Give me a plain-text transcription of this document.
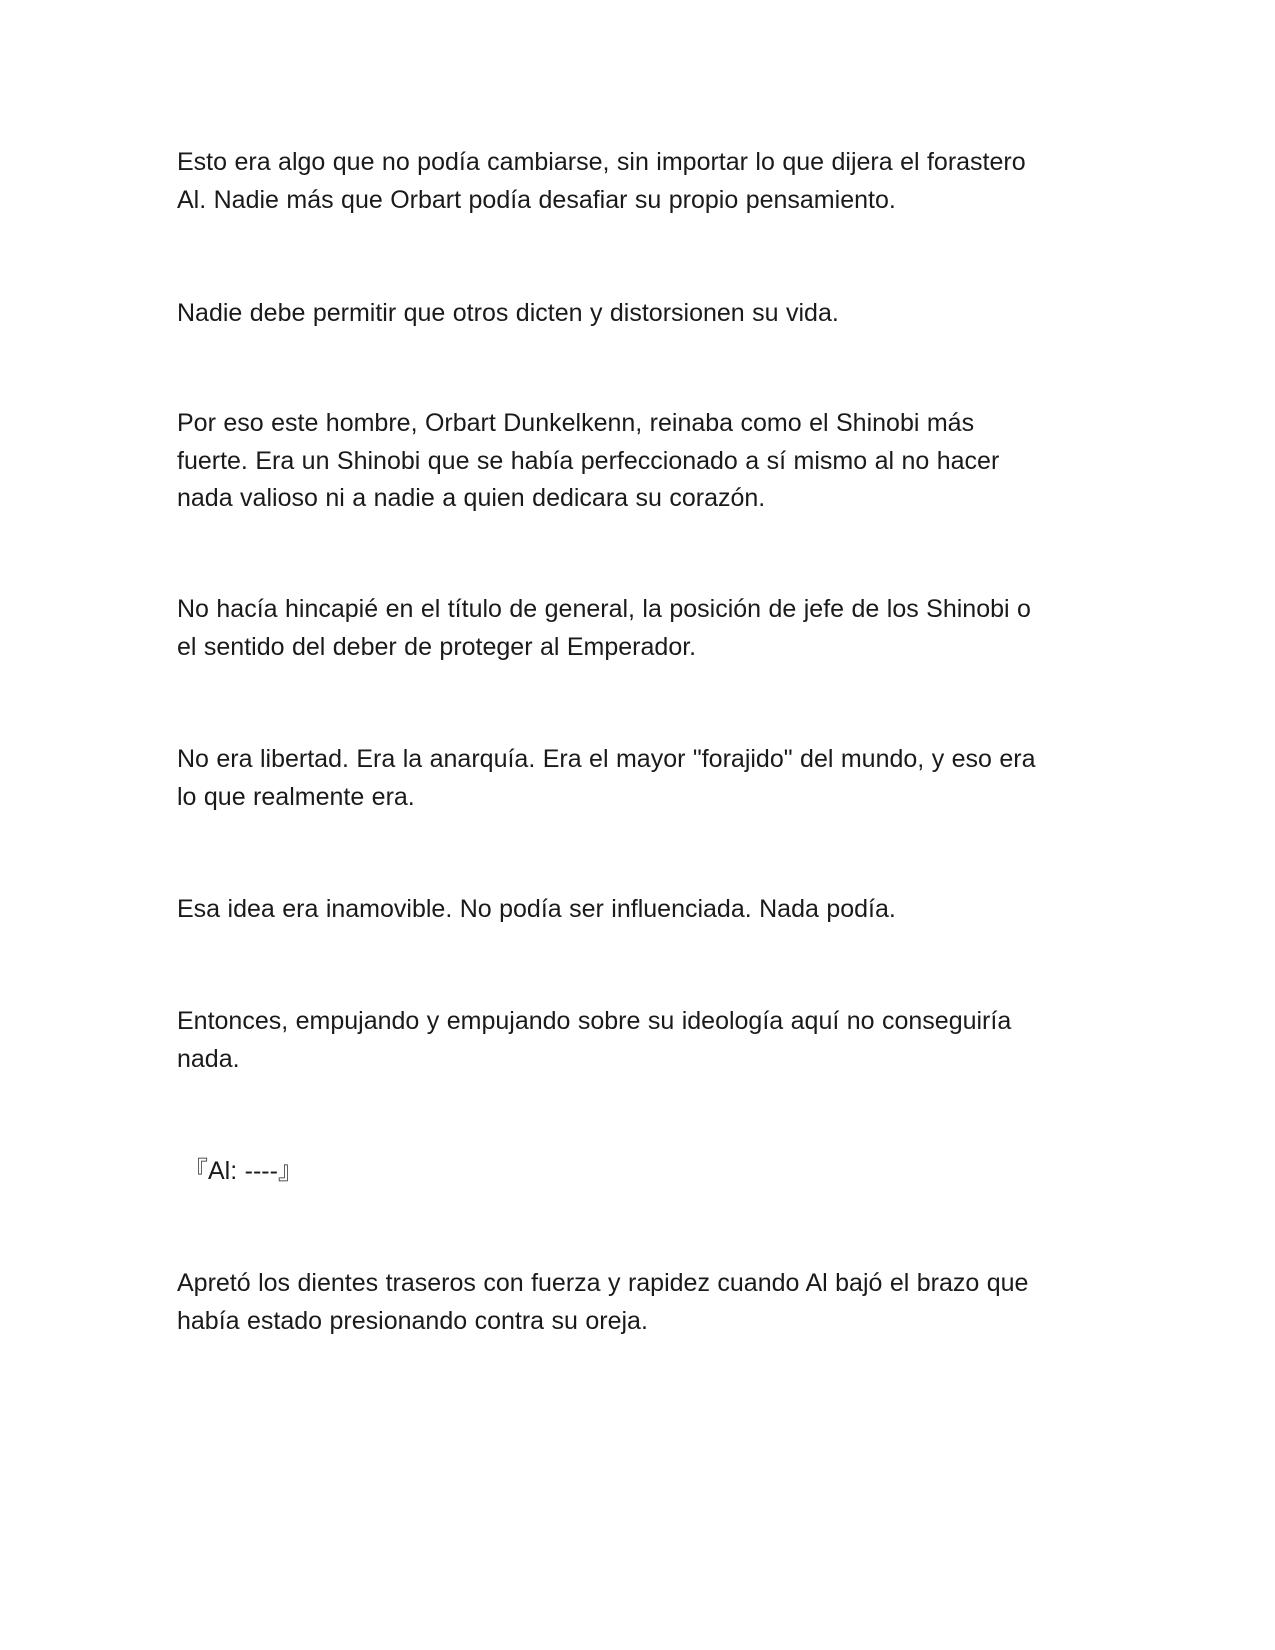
Esto era algo que no podía cambiarse, sin importar lo que dijera el forastero
Al. Nadie más que Orbart podía desafiar su propio pensamiento.

Nadie debe permitir que otros dicten y distorsionen su vida.

Por eso este hombre, Orbart Dunkelkenn, reinaba como el Shinobi más
fuerte. Era un Shinobi que se había perfeccionado a sí mismo al no hacer
nada valioso ni a nadie a quien dedicara su corazón.

No hacía hincapié en el título de general, la posición de jefe de los Shinobi o
el sentido del deber de proteger al Emperador.

No era libertad. Era la anarquía. Era el mayor "forajido" del mundo, y eso era
lo que realmente era.

Esa idea era inamovible. No podía ser influenciada. Nada podía.

Entonces, empujando y empujando sobre su ideología aquí no conseguiría
nada.

『Al: ----』

Apretó los dientes traseros con fuerza y rapidez cuando Al bajó el brazo que
había estado presionando contra su oreja.
